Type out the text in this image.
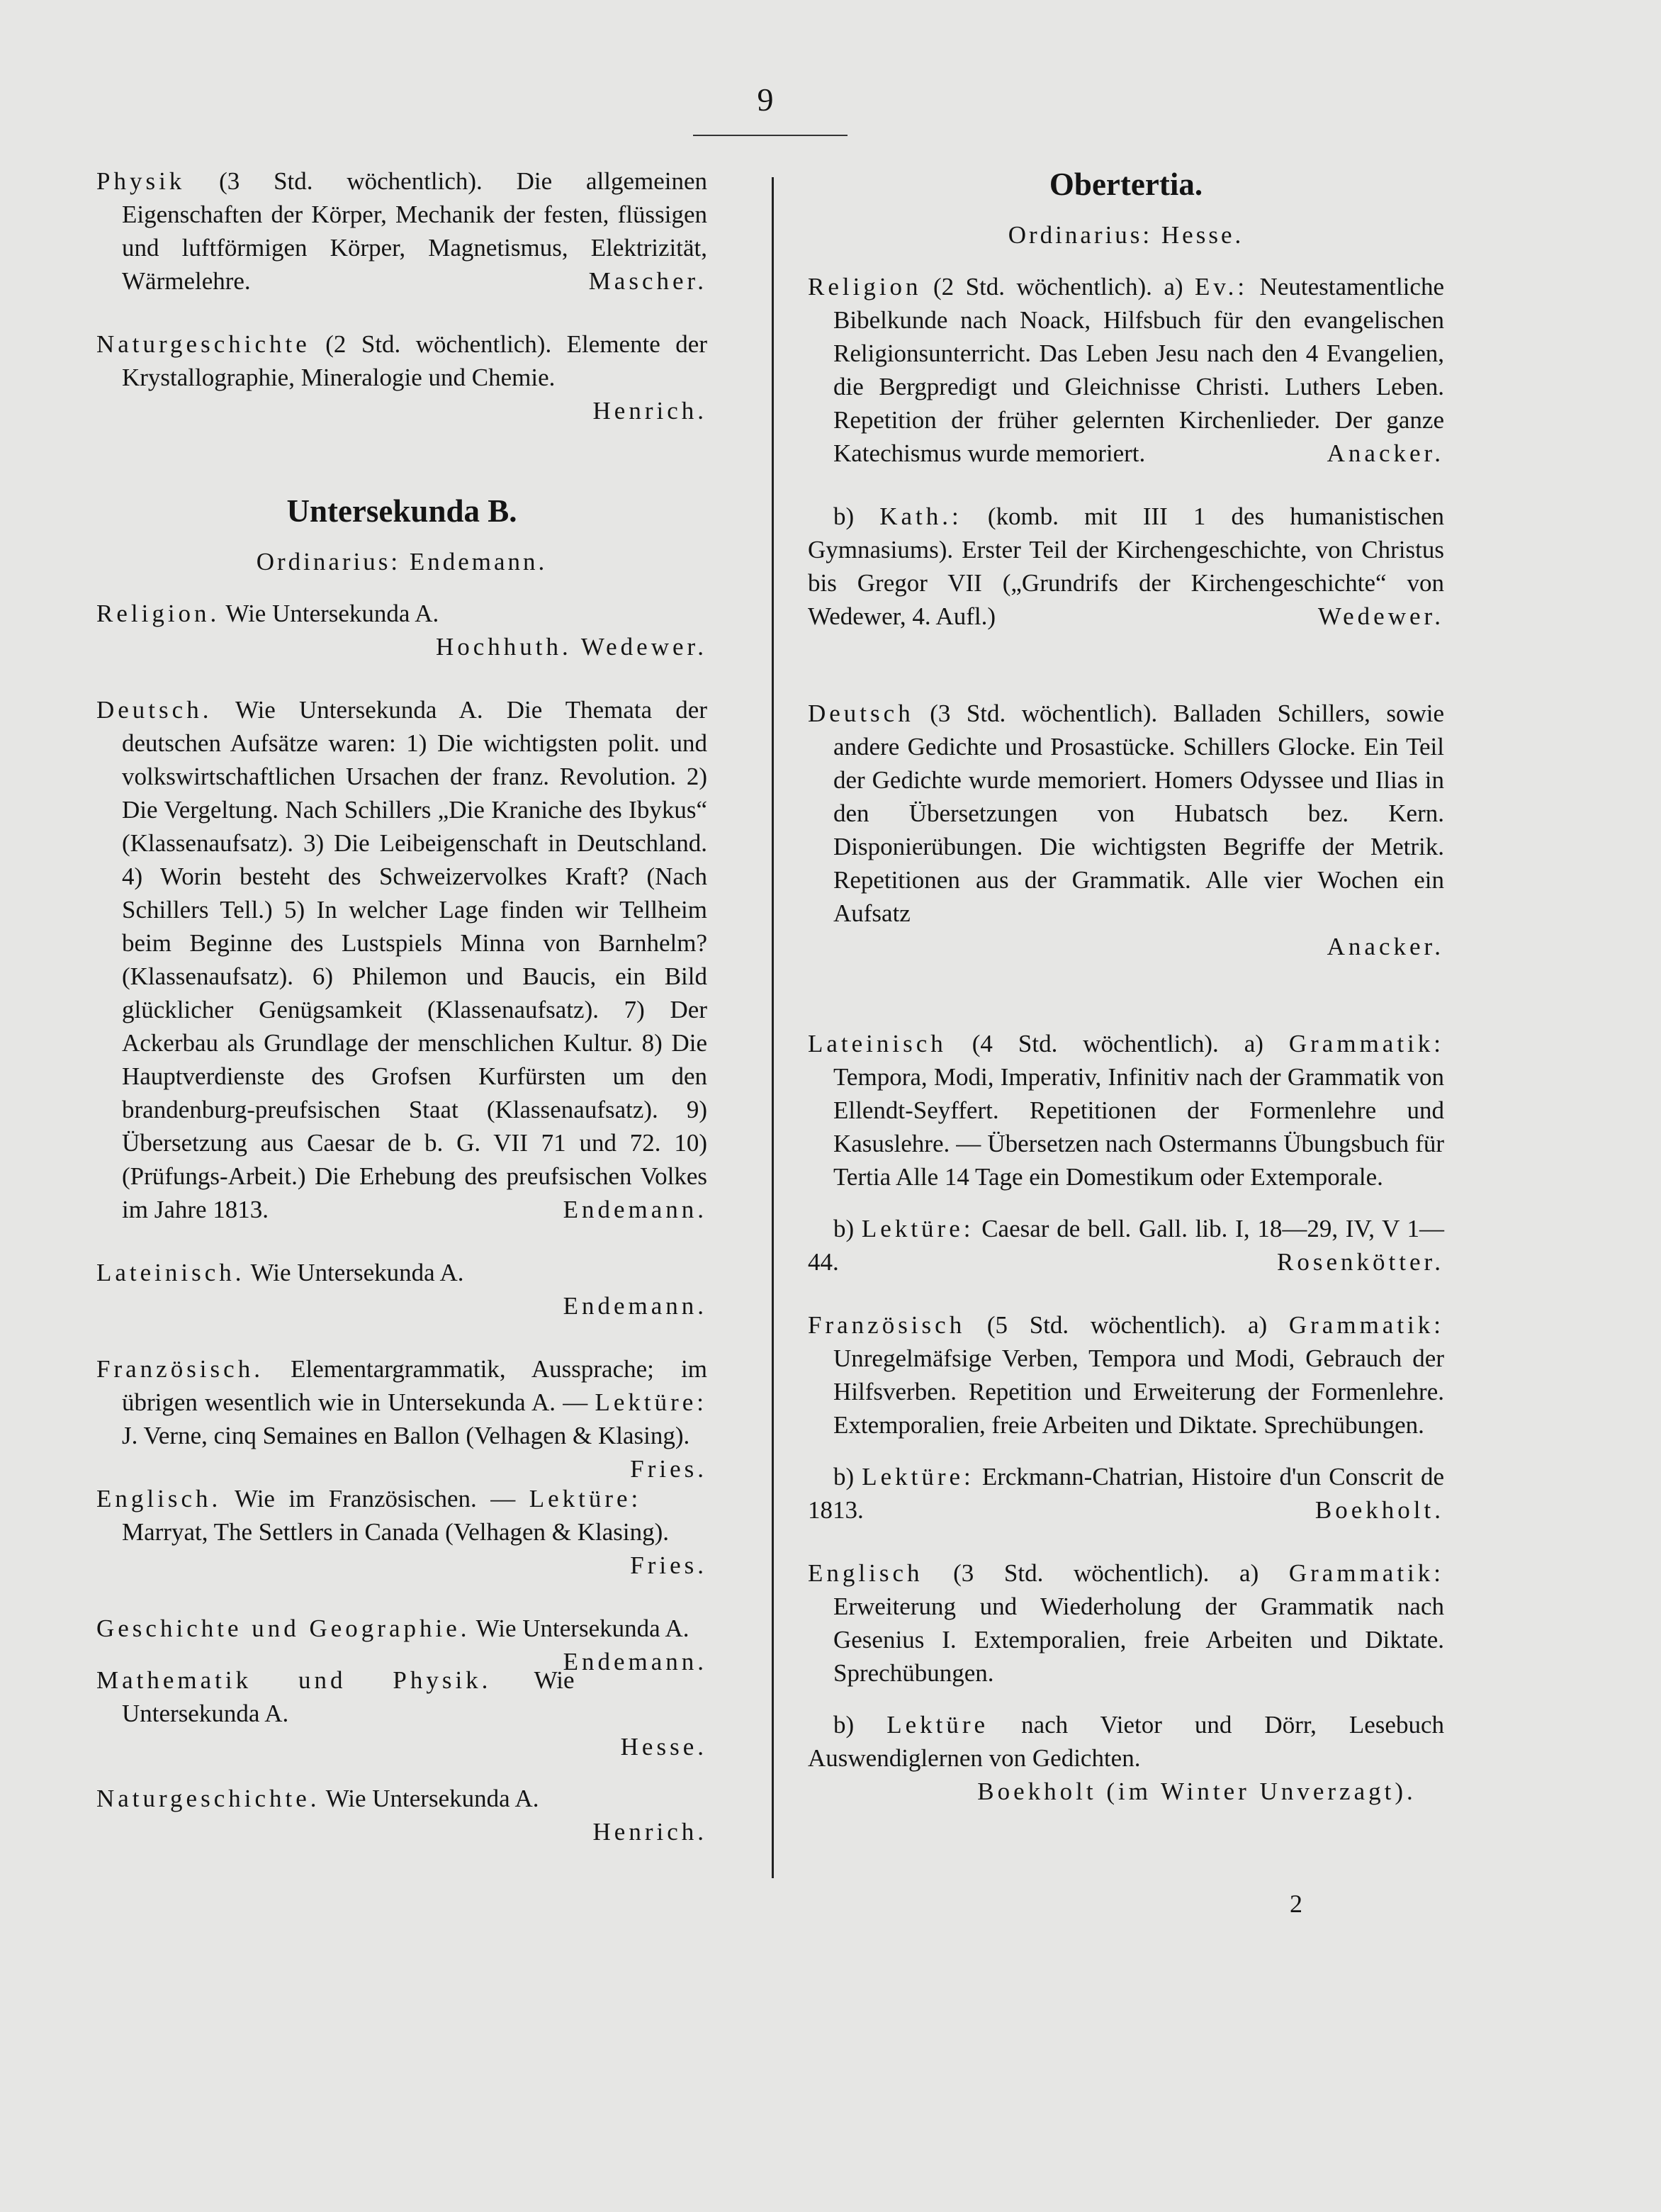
9

Physik (3 Std. wöchentlich). Die allgemeinen Eigenschaften der Körper, Mechanik der festen, flüssigen und luftförmigen Körper, Magnetismus, Elektrizität, Wärmelehre.	Mascher.

Naturgeschichte (2 Std. wöchentlich). Elemente der Krystallographie, Mineralogie und Chemie.

Henrich.

Untersekunda B.

Ordinarius: Endemann.

Religion. Wie Untersekunda A.

Hochhuth. Wedewer.

Deutsch. Wie Untersekunda A. Die Themata der deutschen Aufsätze waren: 1) Die wichtigsten polit. und volkswirtschaftlichen Ursachen der franz. Revolution. 2) Die Vergeltung. Nach Schillers „Die Kraniche des Ibykus“ (Klassenaufsatz). 3) Die Leibeigenschaft in Deutschland. 4) Worin besteht des Schweizervolkes Kraft? (Nach Schillers Tell.) 5) In welcher Lage finden wir Tellheim beim Beginne des Lustspiels Minna von Barnhelm? (Klassenaufsatz). 6) Philemon und Baucis, ein Bild glücklicher Genügsamkeit (Klassenaufsatz). 7) Der Ackerbau als Grundlage der menschlichen Kultur. 8) Die Hauptverdienste des Grofsen Kurfürsten um den brandenburg-preufsischen Staat (Klassenaufsatz). 9) Übersetzung aus Caesar de b. G. VII 71 und 72. 10) (Prüfungs-Arbeit.) Die Erhebung des preufsischen Volkes im Jahre 1813.	Endemann.

Lateinisch. Wie Untersekunda A.

Endemann.

Französisch. Elementargrammatik, Aussprache; im übrigen wesentlich wie in Untersekunda A. — Lektüre: J. Verne, cinq Semaines en Ballon (Velhagen & Klasing).
Fries.

Englisch. Wie im Französischen. — Lektüre: Marryat, The Settlers in Canada (Velhagen & Klasing).

Fries.

Geschichte und Geographie. Wie Untersekunda A.
Endemann.

Mathematik und Physik. Wie Untersekunda A.

Hesse.

Naturgeschichte. Wie Untersekunda A.

Henrich.

Obertertia.

Ordinarius: Hesse.

Religion (2 Std. wöchentlich). a) Ev.: Neutestamentliche Bibelkunde nach Noack, Hilfsbuch für den evangelischen Religionsunterricht. Das Leben Jesu nach den 4 Evangelien, die Bergpredigt und Gleichnisse Christi. Luthers Leben. Repetition der früher gelernten Kirchenlieder. Der ganze Katechismus wurde memoriert.	Anacker.

b) Kath.: (komb. mit III 1 des humanistischen Gymnasiums). Erster Teil der Kirchengeschichte, von Christus bis Gregor VII („Grundrifs der Kirchengeschichte“ von Wedewer, 4. Aufl.)	Wedewer.

Deutsch (3 Std. wöchentlich). Balladen Schillers, sowie andere Gedichte und Prosastücke. Schillers Glocke. Ein Teil der Gedichte wurde memoriert. Homers Odyssee und Ilias in den Übersetzungen von Hubatsch bez. Kern. Disponierübungen. Die wichtigsten Begriffe der Metrik. Repetitionen aus der Grammatik. Alle vier Wochen ein Aufsatz

Anacker.

Lateinisch (4 Std. wöchentlich). a) Grammatik: Tempora, Modi, Imperativ, Infinitiv nach der Grammatik von Ellendt-Seyffert. Repetitionen der Formenlehre und Kasuslehre. — Übersetzen nach Ostermanns Übungsbuch für Tertia Alle 14 Tage ein Domestikum oder Extemporale.

b) Lektüre: Caesar de bell. Gall. lib. I, 18—29, IV, V 1—44.	Rosenkötter.

Französisch (5 Std. wöchentlich). a) Grammatik: Unregelmäfsige Verben, Tempora und Modi, Gebrauch der Hilfsverben. Repetition und Erweiterung der Formenlehre. Extemporalien, freie Arbeiten und Diktate. Sprechübungen.

b) Lektüre: Erckmann-Chatrian, Histoire d'un Conscrit de 1813.	Boekholt.

Englisch (3 Std. wöchentlich). a) Grammatik: Erweiterung und Wiederholung der Grammatik nach Gesenius I. Extemporalien, freie Arbeiten und Diktate. Sprechübungen.

b) Lektüre nach Vietor und Dörr, Lesebuch Auswendiglernen von Gedichten.

Boekholt (im Winter Unverzagt).

2
